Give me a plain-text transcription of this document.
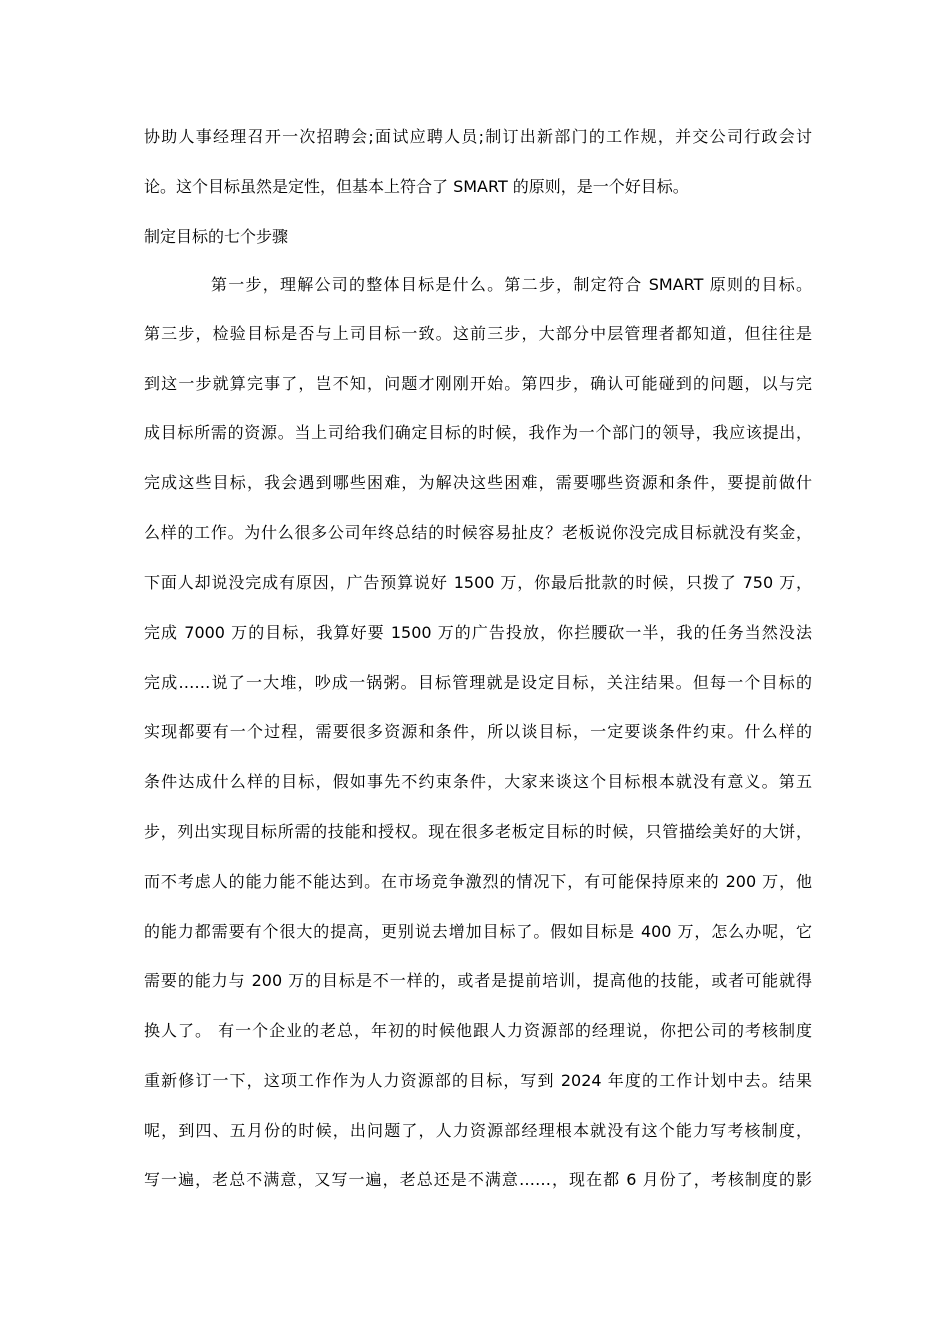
协助人事经理召开一次招聘会;面试应聘人员;制订出新部门的工作规，并交公司行政会讨
论。这个目标虽然是定性，但基本上符合了 SMART 的原则，是一个好目标。
制定目标的七个步骤
第一步，理解公司的整体目标是什么。第二步，制定符合 SMART 原则的目标。
第三步，检验目标是否与上司目标一致。这前三步，大部分中层管理者都知道，但往往是
到这一步就算完事了，岂不知，问题才刚刚开始。第四步，确认可能碰到的问题，以与完
成目标所需的资源。当上司给我们确定目标的时候，我作为一个部门的领导，我应该提出，
完成这些目标，我会遇到哪些困难，为解决这些困难，需要哪些资源和条件，要提前做什
么样的工作。为什么很多公司年终总结的时候容易扯皮？老板说你没完成目标就没有奖金，
下面人却说没完成有原因，广告预算说好 1500 万，你最后批款的时候，只拨了 750 万，
完成 7000 万的目标，我算好要 1500 万的广告投放，你拦腰砍一半，我的任务当然没法
完成……说了一大堆，吵成一锅粥。目标管理就是设定目标，关注结果。但每一个目标的
实现都要有一个过程，需要很多资源和条件，所以谈目标，一定要谈条件约束。什么样的
条件达成什么样的目标，假如事先不约束条件，大家来谈这个目标根本就没有意义。第五
步，列出实现目标所需的技能和授权。现在很多老板定目标的时候，只管描绘美好的大饼，
而不考虑人的能力能不能达到。在市场竞争激烈的情况下，有可能保持原来的 200 万，他
的能力都需要有个很大的提高，更别说去增加目标了。假如目标是 400 万，怎么办呢，它
需要的能力与 200 万的目标是不一样的，或者是提前培训，提高他的技能，或者可能就得
换人了。 有一个企业的老总，年初的时候他跟人力资源部的经理说，你把公司的考核制度
重新修订一下，这项工作作为人力资源部的目标，写到 2024 年度的工作计划中去。结果
呢，到四、五月份的时候，出问题了，人力资源部经理根本就没有这个能力写考核制度，
写一遍，老总不满意，又写一遍，老总还是不满意……，现在都 6 月份了，考核制度的影
